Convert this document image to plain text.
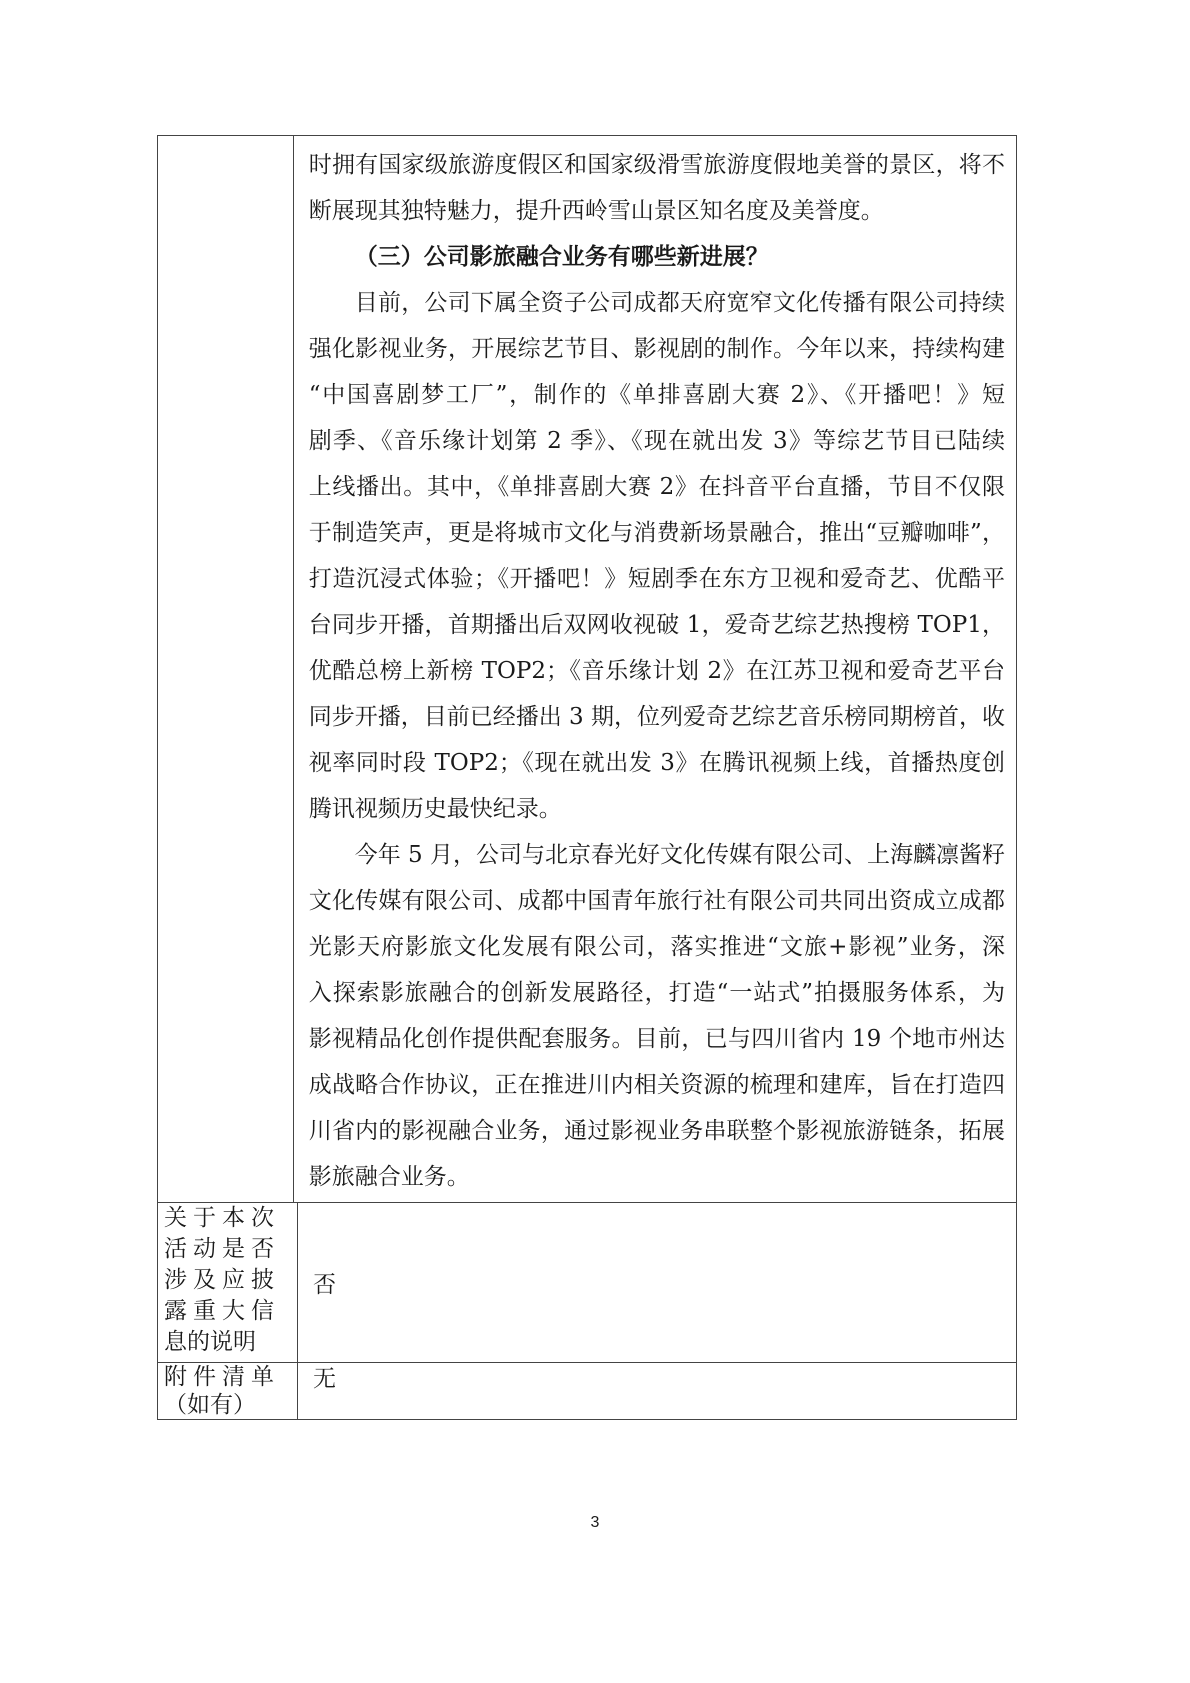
时拥有国家级旅游度假区和国家级滑雪旅游度假地美誉的景区，将不
断展现其独特魅力，提升西岭雪山景区知名度及美誉度。
（三）公司影旅融合业务有哪些新进展？
目前，公司下属全资子公司成都天府宽窄文化传播有限公司持续
强化影视业务，开展综艺节目、影视剧的制作。今年以来，持续构建
“中国喜剧梦工厂”，制作的《单排喜剧大赛 2》、《开播吧！》短
剧季、《音乐缘计划第 2 季》、《现在就出发 3》等综艺节目已陆续
上线播出。其中，《单排喜剧大赛 2》在抖音平台直播，节目不仅限
于制造笑声，更是将城市文化与消费新场景融合，推出“豆瓣咖啡”，
打造沉浸式体验；《开播吧！》短剧季在东方卫视和爱奇艺、优酷平
台同步开播，首期播出后双网收视破 1，爱奇艺综艺热搜榜 TOP1，
优酷总榜上新榜 TOP2；《音乐缘计划 2》在江苏卫视和爱奇艺平台
同步开播，目前已经播出 3 期，位列爱奇艺综艺音乐榜同期榜首，收
视率同时段 TOP2；《现在就出发 3》在腾讯视频上线，首播热度创
腾讯视频历史最快纪录。
今年 5 月，公司与北京春光好文化传媒有限公司、上海麟凛酱籽
文化传媒有限公司、成都中国青年旅行社有限公司共同出资成立成都
光影天府影旅文化发展有限公司，落实推进“文旅+影视”业务，深
入探索影旅融合的创新发展路径，打造“一站式”拍摄服务体系，为
影视精品化创作提供配套服务。目前，已与四川省内 19 个地市州达
成战略合作协议，正在推进川内相关资源的梳理和建库，旨在打造四
川省内的影视融合业务，通过影视业务串联整个影视旅游链条，拓展
影旅融合业务。
关于本次
活动是否
涉及应披
露重大信
息的说明
否
附件清单
（如有）
无
3
